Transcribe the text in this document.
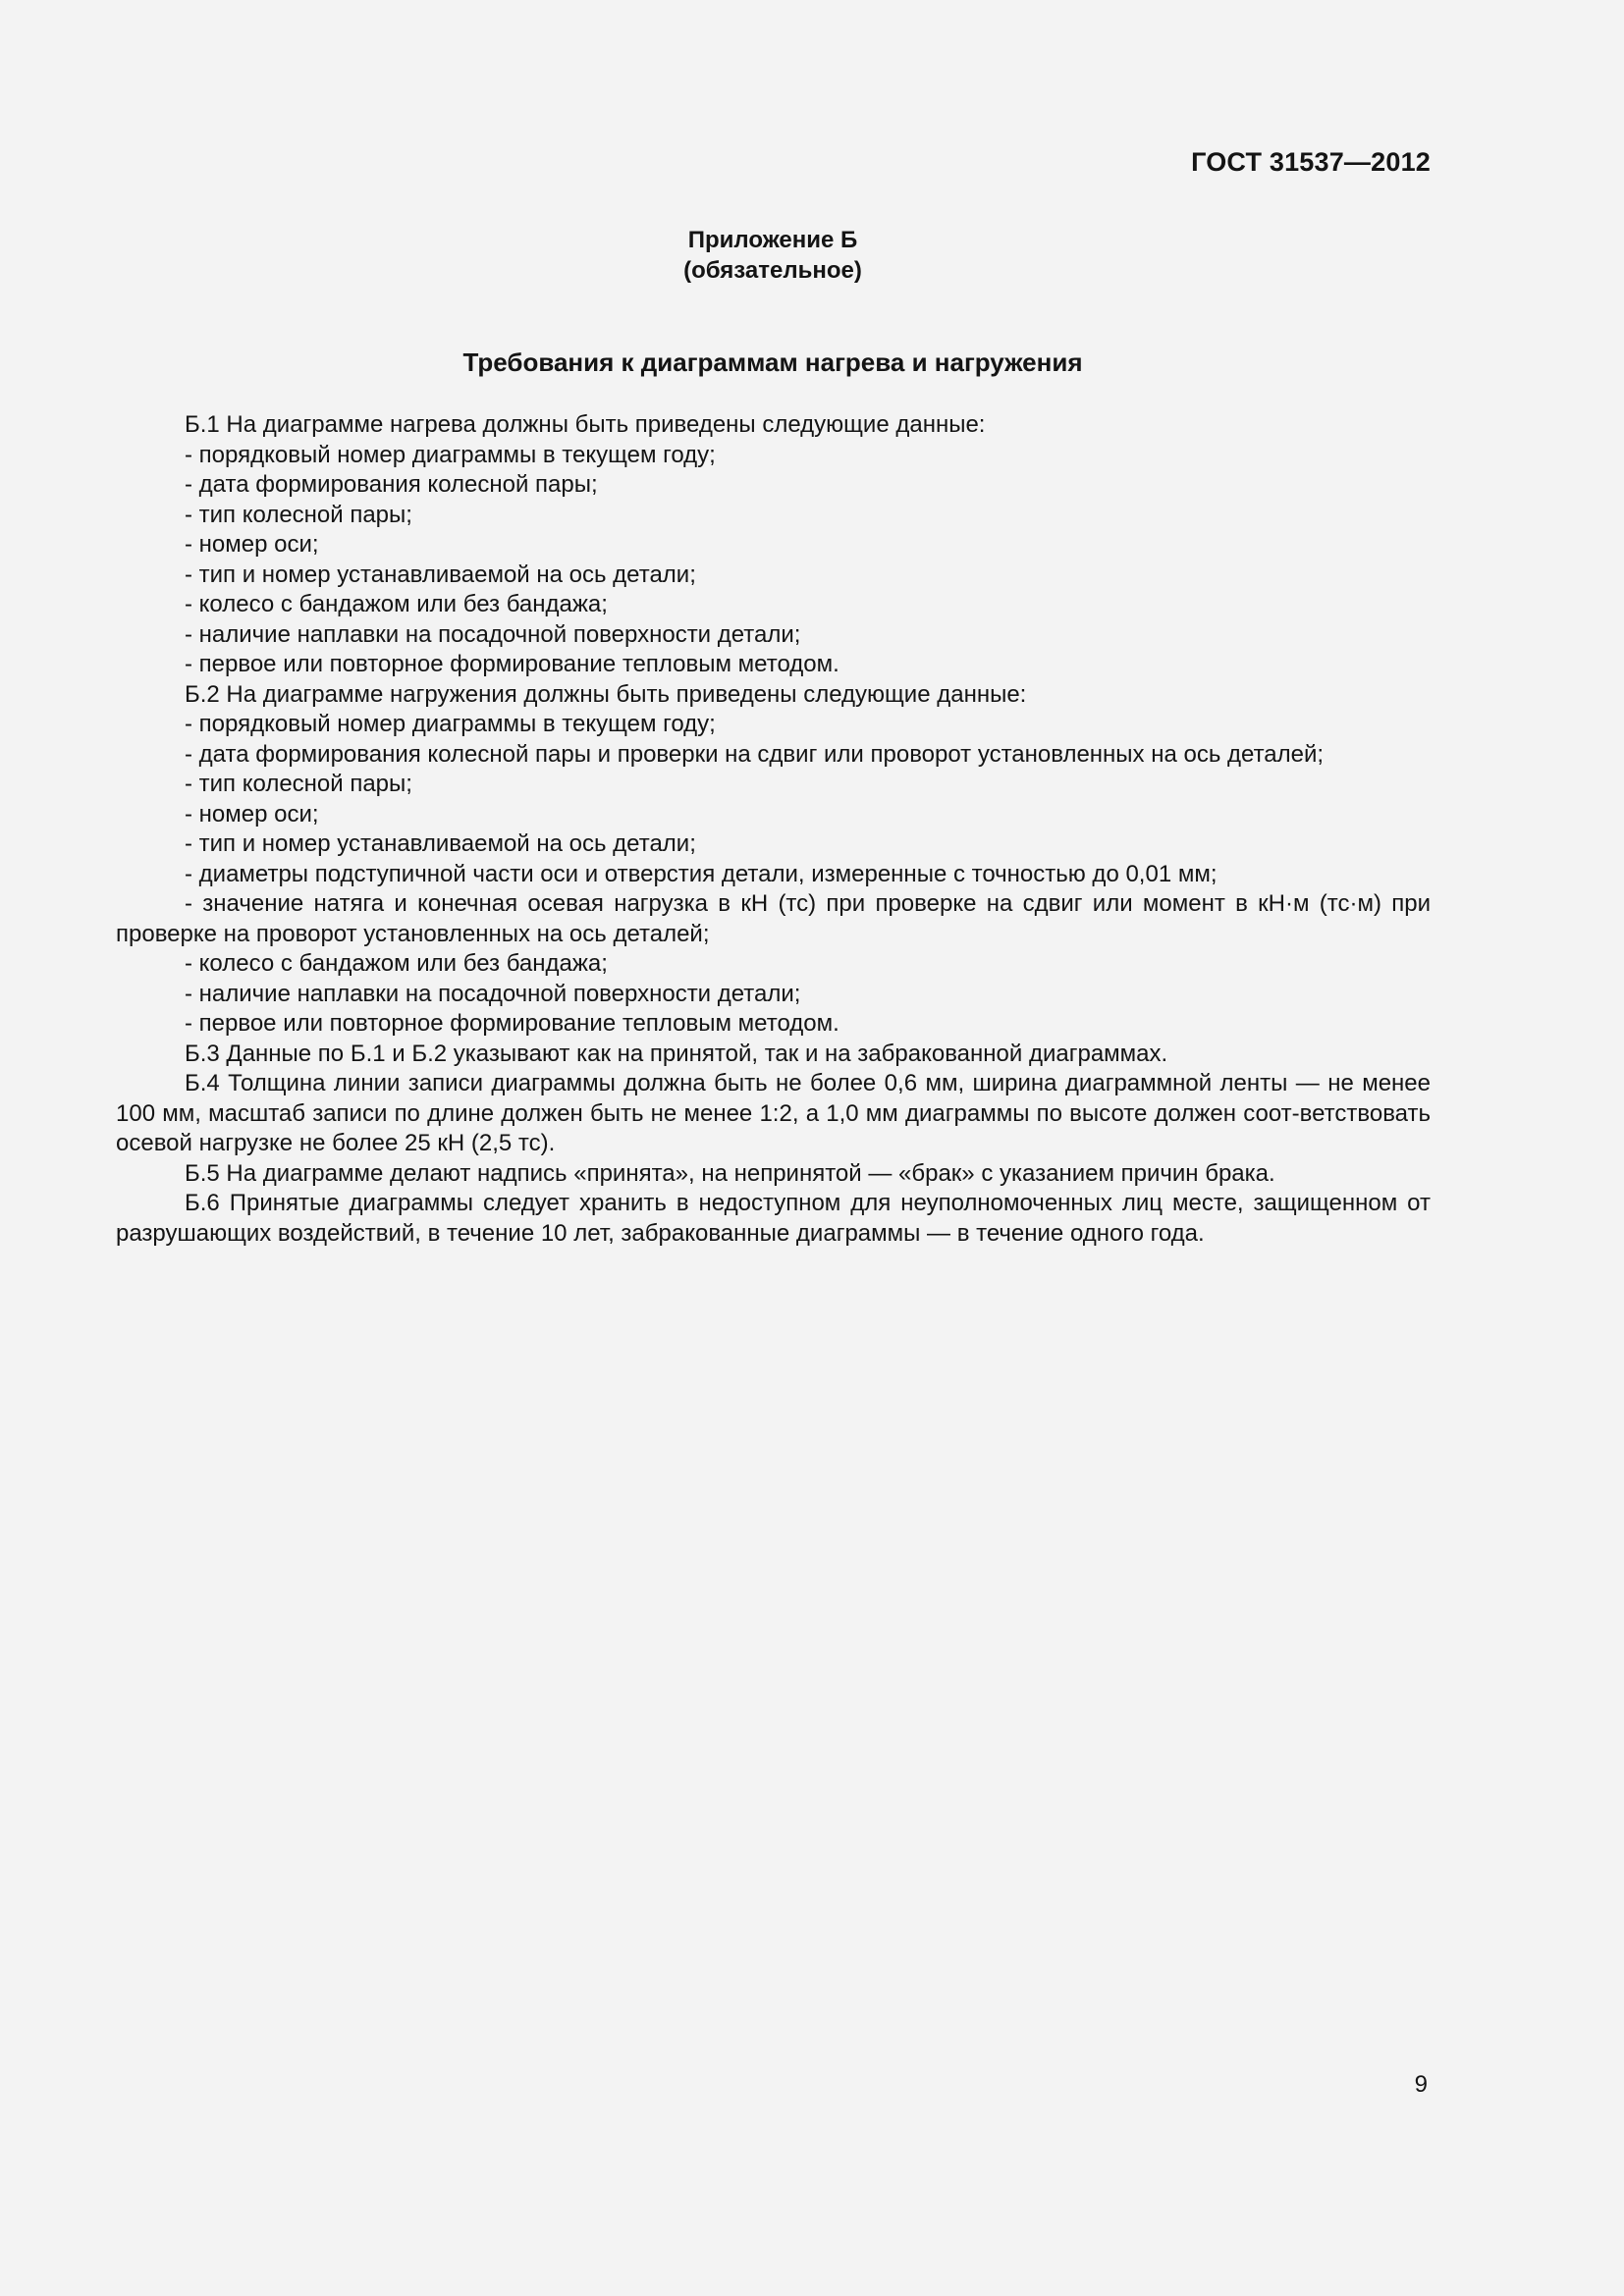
ГОСТ 31537—2012
Приложение Б
(обязательное)
Требования к диаграммам нагрева и нагружения

Б.1 На диаграмме нагрева должны быть приведены следующие данные:

- порядковый номер диаграммы в текущем году;

- дата формирования колесной пары;

- тип колесной пары;

- номер оси;

- тип и номер устанавливаемой на ось детали;

- колесо с бандажом или без бандажа;

- наличие наплавки на посадочной поверхности детали;

- первое или повторное формирование тепловым методом.

Б.2 На диаграмме нагружения должны быть приведены следующие данные:

- порядковый номер диаграммы в текущем году;

- дата формирования колесной пары и проверки на сдвиг или проворот установленных на ось деталей;

- тип колесной пары;

- номер оси;

- тип и номер устанавливаемой на ось детали;

- диаметры подступичной части оси и отверстия детали, измеренные с точностью до 0,01 мм;

- значение натяга и конечная осевая нагрузка в кН (тс) при проверке на сдвиг или момент в кН·м (тс·м) при проверке на проворот установленных на ось деталей;

- колесо с бандажом или без бандажа;

- наличие наплавки на посадочной поверхности детали;

- первое или повторное формирование тепловым методом.

Б.3 Данные по Б.1 и Б.2 указывают как на принятой, так и на забракованной диаграммах.

Б.4 Толщина линии записи диаграммы должна быть не более 0,6 мм, ширина диаграммной ленты — не менее 100 мм, масштаб записи по длине должен быть не менее 1:2, а 1,0 мм диаграммы по высоте должен соот-ветствовать осевой нагрузке не более 25 кН (2,5 тс).

Б.5 На диаграмме делают надпись «принята», на непринятой — «брак» с указанием причин брака.

Б.6 Принятые диаграммы следует хранить в недоступном для неуполномоченных лиц месте, защищенном от разрушающих воздействий, в течение 10 лет, забракованные диаграммы — в течение одного года.

9
